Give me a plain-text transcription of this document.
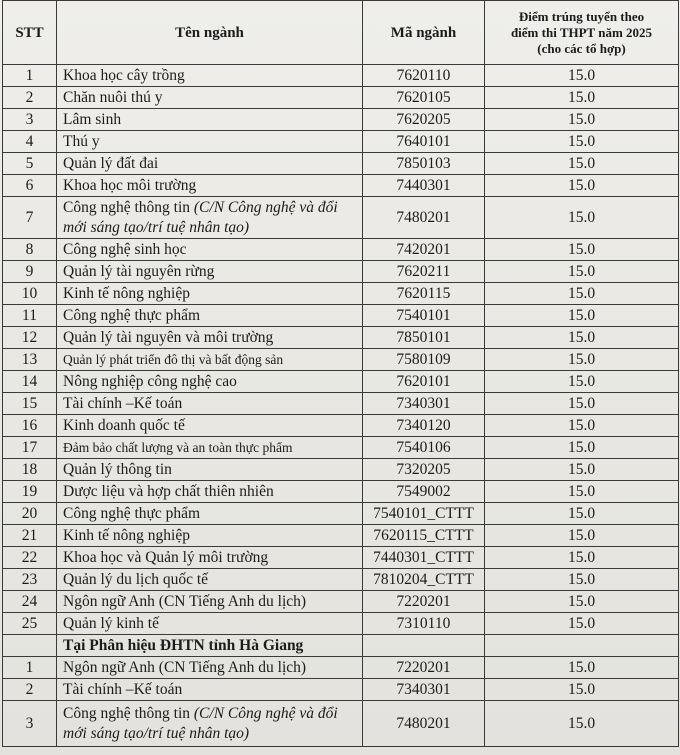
STT	Tên ngành	Mã ngành	Điểm trúng tuyển theo
điểm thi THPT năm 2025
(cho các tổ hợp)
1	Khoa học cây trồng	7620110	15.0
2	Chăn nuôi thú y	7620105	15.0
3	Lâm sinh	7620205	15.0
4	Thú y	7640101	15.0
5	Quản lý đất đai	7850103	15.0
6	Khoa học môi trường	7440301	15.0
7	Công nghệ thông tin (C/N Công nghệ và đổi mới sáng tạo/trí tuệ nhân tạo)	7480201	15.0
8	Công nghệ sinh học	7420201	15.0
9	Quản lý tài nguyên rừng	7620211	15.0
10	Kinh tế nông nghiệp	7620115	15.0
11	Công nghệ thực phẩm	7540101	15.0
12	Quản lý tài nguyên và môi trường	7850101	15.0
13	Quản lý phát triển đô thị và bất động sản	7580109	15.0
14	Nông nghiệp công nghệ cao	7620101	15.0
15	Tài chính –Kế toán	7340301	15.0
16	Kinh doanh quốc tế	7340120	15.0
17	Đảm bảo chất lượng và an toàn thực phẩm	7540106	15.0
18	Quản lý thông tin	7320205	15.0
19	Dược liệu và hợp chất thiên nhiên	7549002	15.0
20	Công nghệ thực phẩm	7540101_CTTT	15.0
21	Kinh tế nông nghiệp	7620115_CTTT	15.0
22	Khoa học và Quản lý môi trường	7440301_CTTT	15.0
23	Quản lý du lịch quốc tế	7810204_CTTT	15.0
24	Ngôn ngữ Anh (CN Tiếng Anh du lịch)	7220201	15.0
25	Quản lý kinh tế	7310110	15.0
	Tại Phân hiệu ĐHTN tỉnh Hà Giang		
1	Ngôn ngữ Anh (CN Tiếng Anh du lịch)	7220201	15.0
2	Tài chính –Kế toán	7340301	15.0
3	Công nghệ thông tin (C/N Công nghệ và đổi mới sáng tạo/trí tuệ nhân tạo)	7480201	15.0
